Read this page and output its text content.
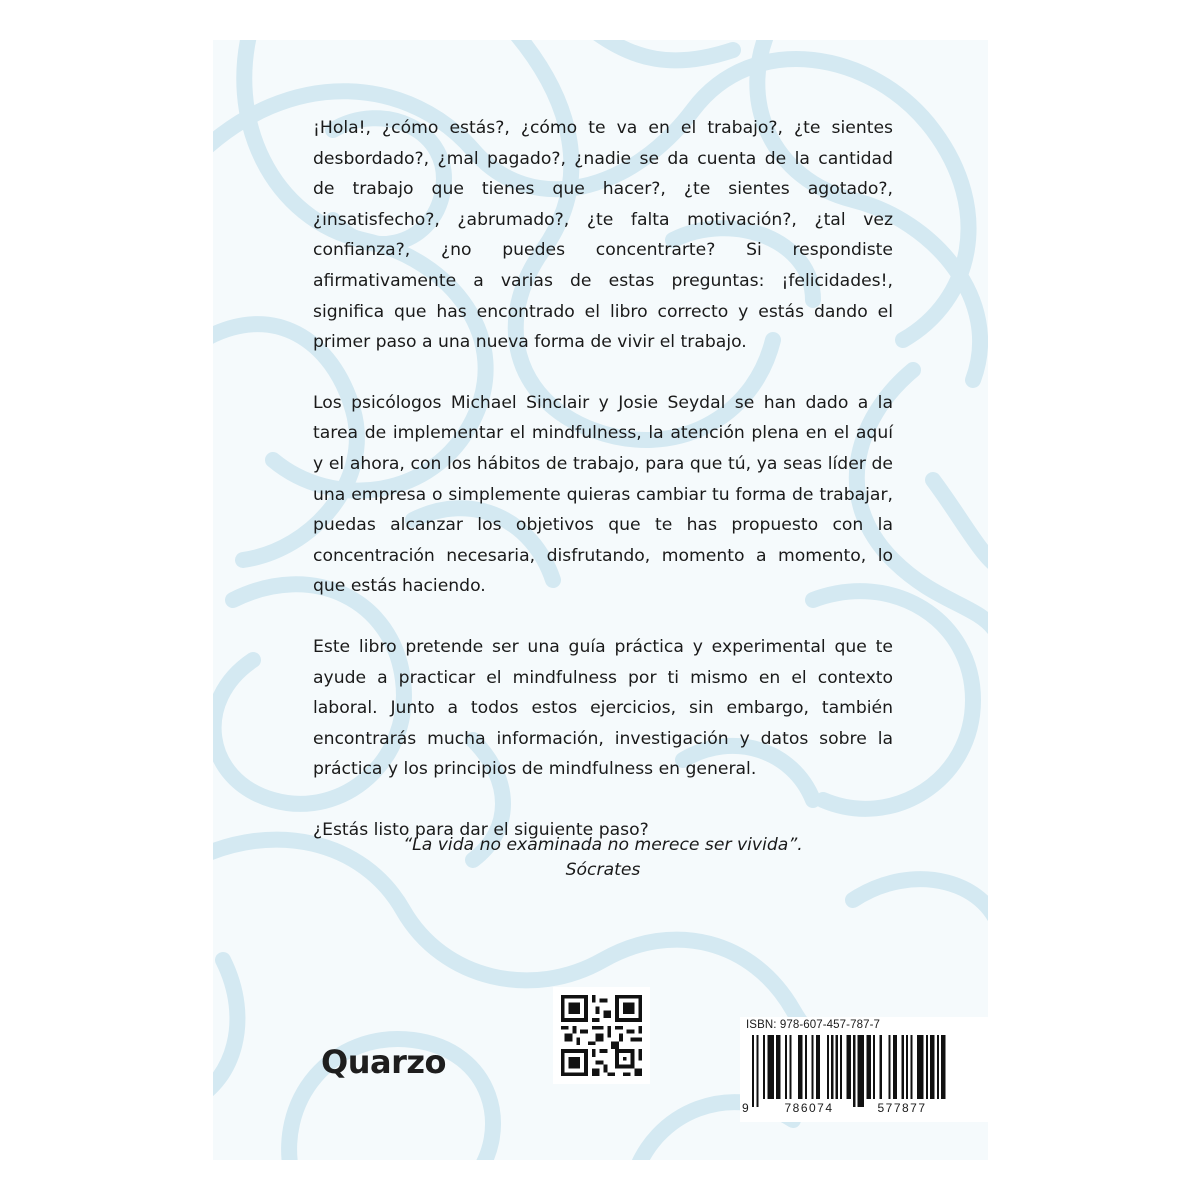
¡Hola!, ¿cómo estás?, ¿cómo te va en el trabajo?, ¿te sientes desbordado?, ¿mal pagado?, ¿nadie se da cuenta de la cantidad de trabajo que tienes que hacer?, ¿te sientes agotado?, ¿insatisfecho?, ¿abrumado?, ¿te falta motivación?, ¿tal vez confianza?, ¿no puedes concentrarte? Si respondiste afirmativamente a varias de estas preguntas: ¡felicidades!, significa que has encontrado el libro correcto y estás dando el primer paso a una nueva forma de vivir el trabajo.

Los psicólogos Michael Sinclair y Josie Seydal se han dado a la tarea de implementar el mindfulness, la atención plena en el aquí y el ahora, con los hábitos de trabajo, para que tú, ya seas líder de una empresa o simplemente quieras cambiar tu forma de trabajar, puedas alcanzar los objetivos que te has propuesto con la concentración necesaria, disfrutando, momento a momento, lo que estás haciendo.

Este libro pretende ser una guía práctica y experimental que te ayude a practicar el mindfulness por ti mismo en el contexto laboral. Junto a todos estos ejercicios, sin embargo, también encontrarás mucha información, investigación y datos sobre la práctica y los principios de mindfulness en general.

¿Estás listo para dar el siguiente paso?

“La vida no examinada no merece ser vivida”.
Sócrates
Quarzo
ISBN: 978-607-457-787-7
9	786074	577877
